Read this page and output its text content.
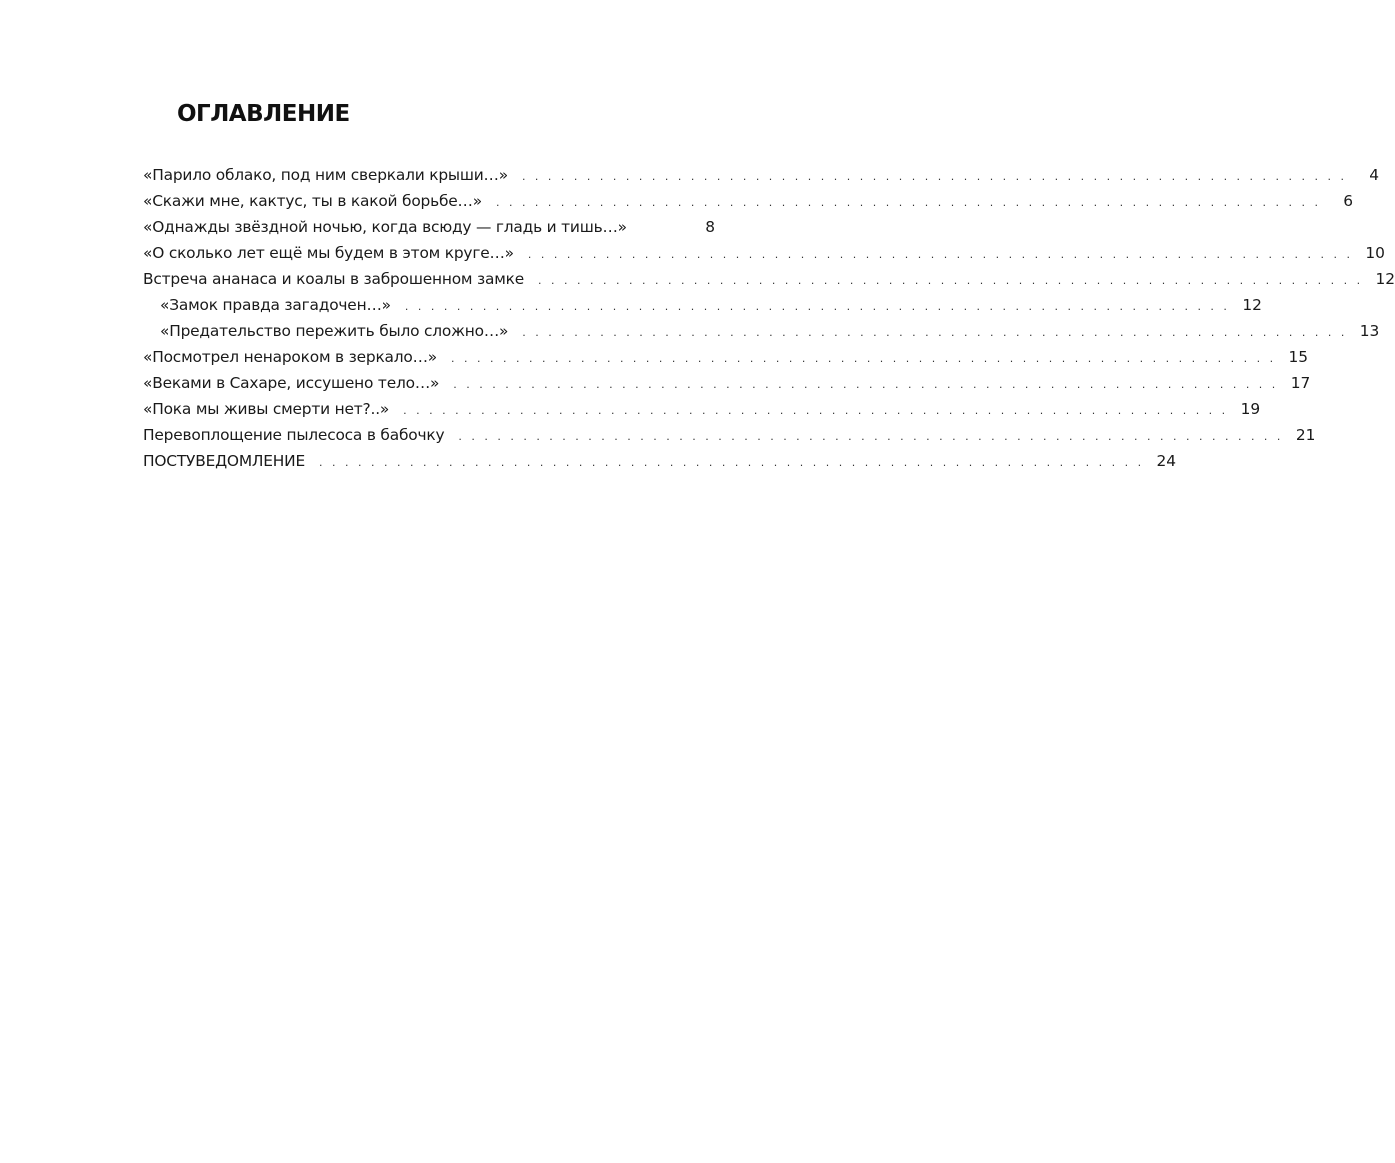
ОГЛАВЛЕНИЕ
«Парило облако, под ним сверкали крыши…» . . . . . . . . . . . . . . . . . . . . . . . . . . . . . . . . . . . . . . . . . . . . . . . . . . . . . . . . . . . . . . . .	4
«Скажи мне, кактус, ты в какой борьбе…» . . . . . . . . . . . . . . . . . . . . . . . . . . . . . . . . . . . . . . . . . . . . . . . . . . . . . . . . . . . . . . . .	6
«Однажды звёздной ночью, когда всюду — гладь и тишь…»	8
«О сколько лет ещё мы будем в этом круге…» . . . . . . . . . . . . . . . . . . . . . . . . . . . . . . . . . . . . . . . . . . . . . . . . . . . . . . . . . . . . . . . . 10
Встреча ананаса и коалы в заброшенном замке . . . . . . . . . . . . . . . . . . . . . . . . . . . . . . . . . . . . . . . . . . . . . . . . . . . . . . . . . . . . . . . . 12
«Замок правда загадочен…» . . . . . . . . . . . . . . . . . . . . . . . . . . . . . . . . . . . . . . . . . . . . . . . . . . . . . . . . . . . . . . . . 12
«Предательство пережить было сложно…» . . . . . . . . . . . . . . . . . . . . . . . . . . . . . . . . . . . . . . . . . . . . . . . . . . . . . . . . . . . . . . . . 13
«Посмотрел ненароком в зеркало…» . . . . . . . . . . . . . . . . . . . . . . . . . . . . . . . . . . . . . . . . . . . . . . . . . . . . . . . . . . . . . . . . 15
«Веками в Сахаре, иссушено тело…» . . . . . . . . . . . . . . . . . . . . . . . . . . . . . . . . . . . . . . . . . . . . . . . . . . . . . . . . . . . . . . . . 17
«Пока мы живы смерти нет?..» . . . . . . . . . . . . . . . . . . . . . . . . . . . . . . . . . . . . . . . . . . . . . . . . . . . . . . . . . . . . . . . . 19
Перевоплощение пылесоса в бабочку . . . . . . . . . . . . . . . . . . . . . . . . . . . . . . . . . . . . . . . . . . . . . . . . . . . . . . . . . . . . . . . . 21
ПОСТУВЕДОМЛЕНИЕ . . . . . . . . . . . . . . . . . . . . . . . . . . . . . . . . . . . . . . . . . . . . . . . . . . . . . . . . . . . . . . . . 24
